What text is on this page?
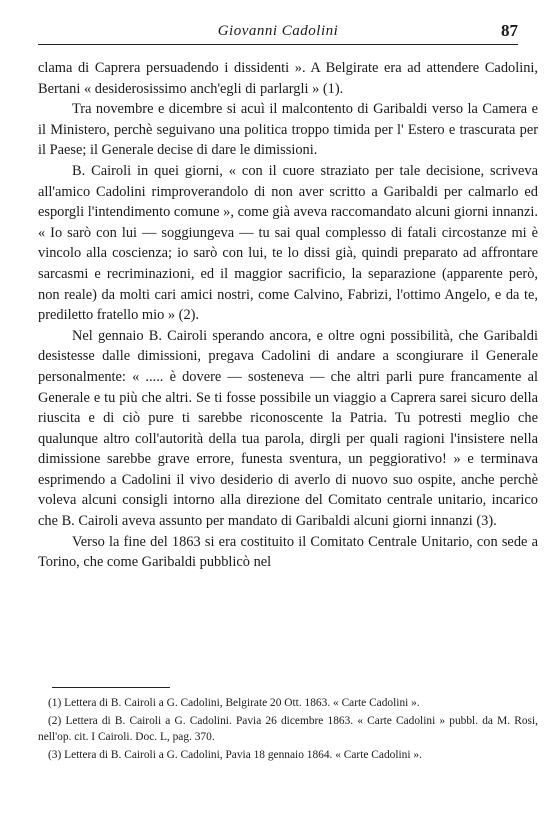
Giovanni Cadolini	87

clama di Caprera persuadendo i dissidenti ». A Belgirate era ad attendere Cadolini, Bertani « desiderosissimo anch'egli di parlargli » (1).

Tra novembre e dicembre si acuì il malcontento di Garibaldi verso la Camera e il Ministero, perchè seguivano una politica troppo timida per l' Estero e trascurata per il Paese; il Generale decise di dare le dimissioni.

B. Cairoli in quei giorni, « con il cuore straziato per tale decisione, scriveva all'amico Cadolini rimproverandolo di non aver scritto a Garibaldi per calmarlo ed esporgli l'intendimento comune », come già aveva raccomandato alcuni giorni innanzi. « Io sarò con lui — soggiungeva — tu sai qual complesso di fatali circostanze mi è vincolo alla coscienza; io sarò con lui, te lo dissi già, quindi preparato ad affrontare sarcasmi e recriminazioni, ed il maggior sacrificio, la separazione (apparente però, non reale) da molti cari amici nostri, come Calvino, Fabrizi, l'ottimo Angelo, e da te, prediletto fratello mio » (2).

Nel gennaio B. Cairoli sperando ancora, e oltre ogni possibilità, che Garibaldi desistesse dalle dimissioni, pregava Cadolini di andare a scongiurare il Generale personalmente: « ..... è dovere — sosteneva — che altri parli pure francamente al Generale e tu più che altri. Se ti fosse possibile un viaggio a Caprera sarei sicuro della riuscita e di ciò pure ti sarebbe riconoscente la Patria. Tu potresti meglio che qualunque altro coll'autorità della tua parola, dirgli per quali ragioni l'insistere nella dimissione sarebbe grave errore, funesta sventura, un peggiorativo! » e terminava esprimendo a Cadolini il vivo desiderio di averlo di nuovo suo ospite, anche perchè voleva alcuni consigli intorno alla direzione del Comitato centrale unitario, incarico che B. Cairoli aveva assunto per mandato di Garibaldi alcuni giorni innanzi (3).

Verso la fine del 1863 si era costituito il Comitato Centrale Unitario, con sede a Torino, che come Garibaldi pubblicò nel

(1) Lettera di B. Cairoli a G. Cadolini, Belgirate 20 Ott. 1863. « Carte Cadolini ».

(2) Lettera di B. Cairoli a G. Cadolini. Pavia 26 dicembre 1863. « Carte Cadolini » pubbl. da M. Rosi, nell'op. cit. I Cairoli. Doc. L, pag. 370.

(3) Lettera di B. Cairoli a G. Cadolini, Pavia 18 gennaio 1864. « Carte Cadolini ».
